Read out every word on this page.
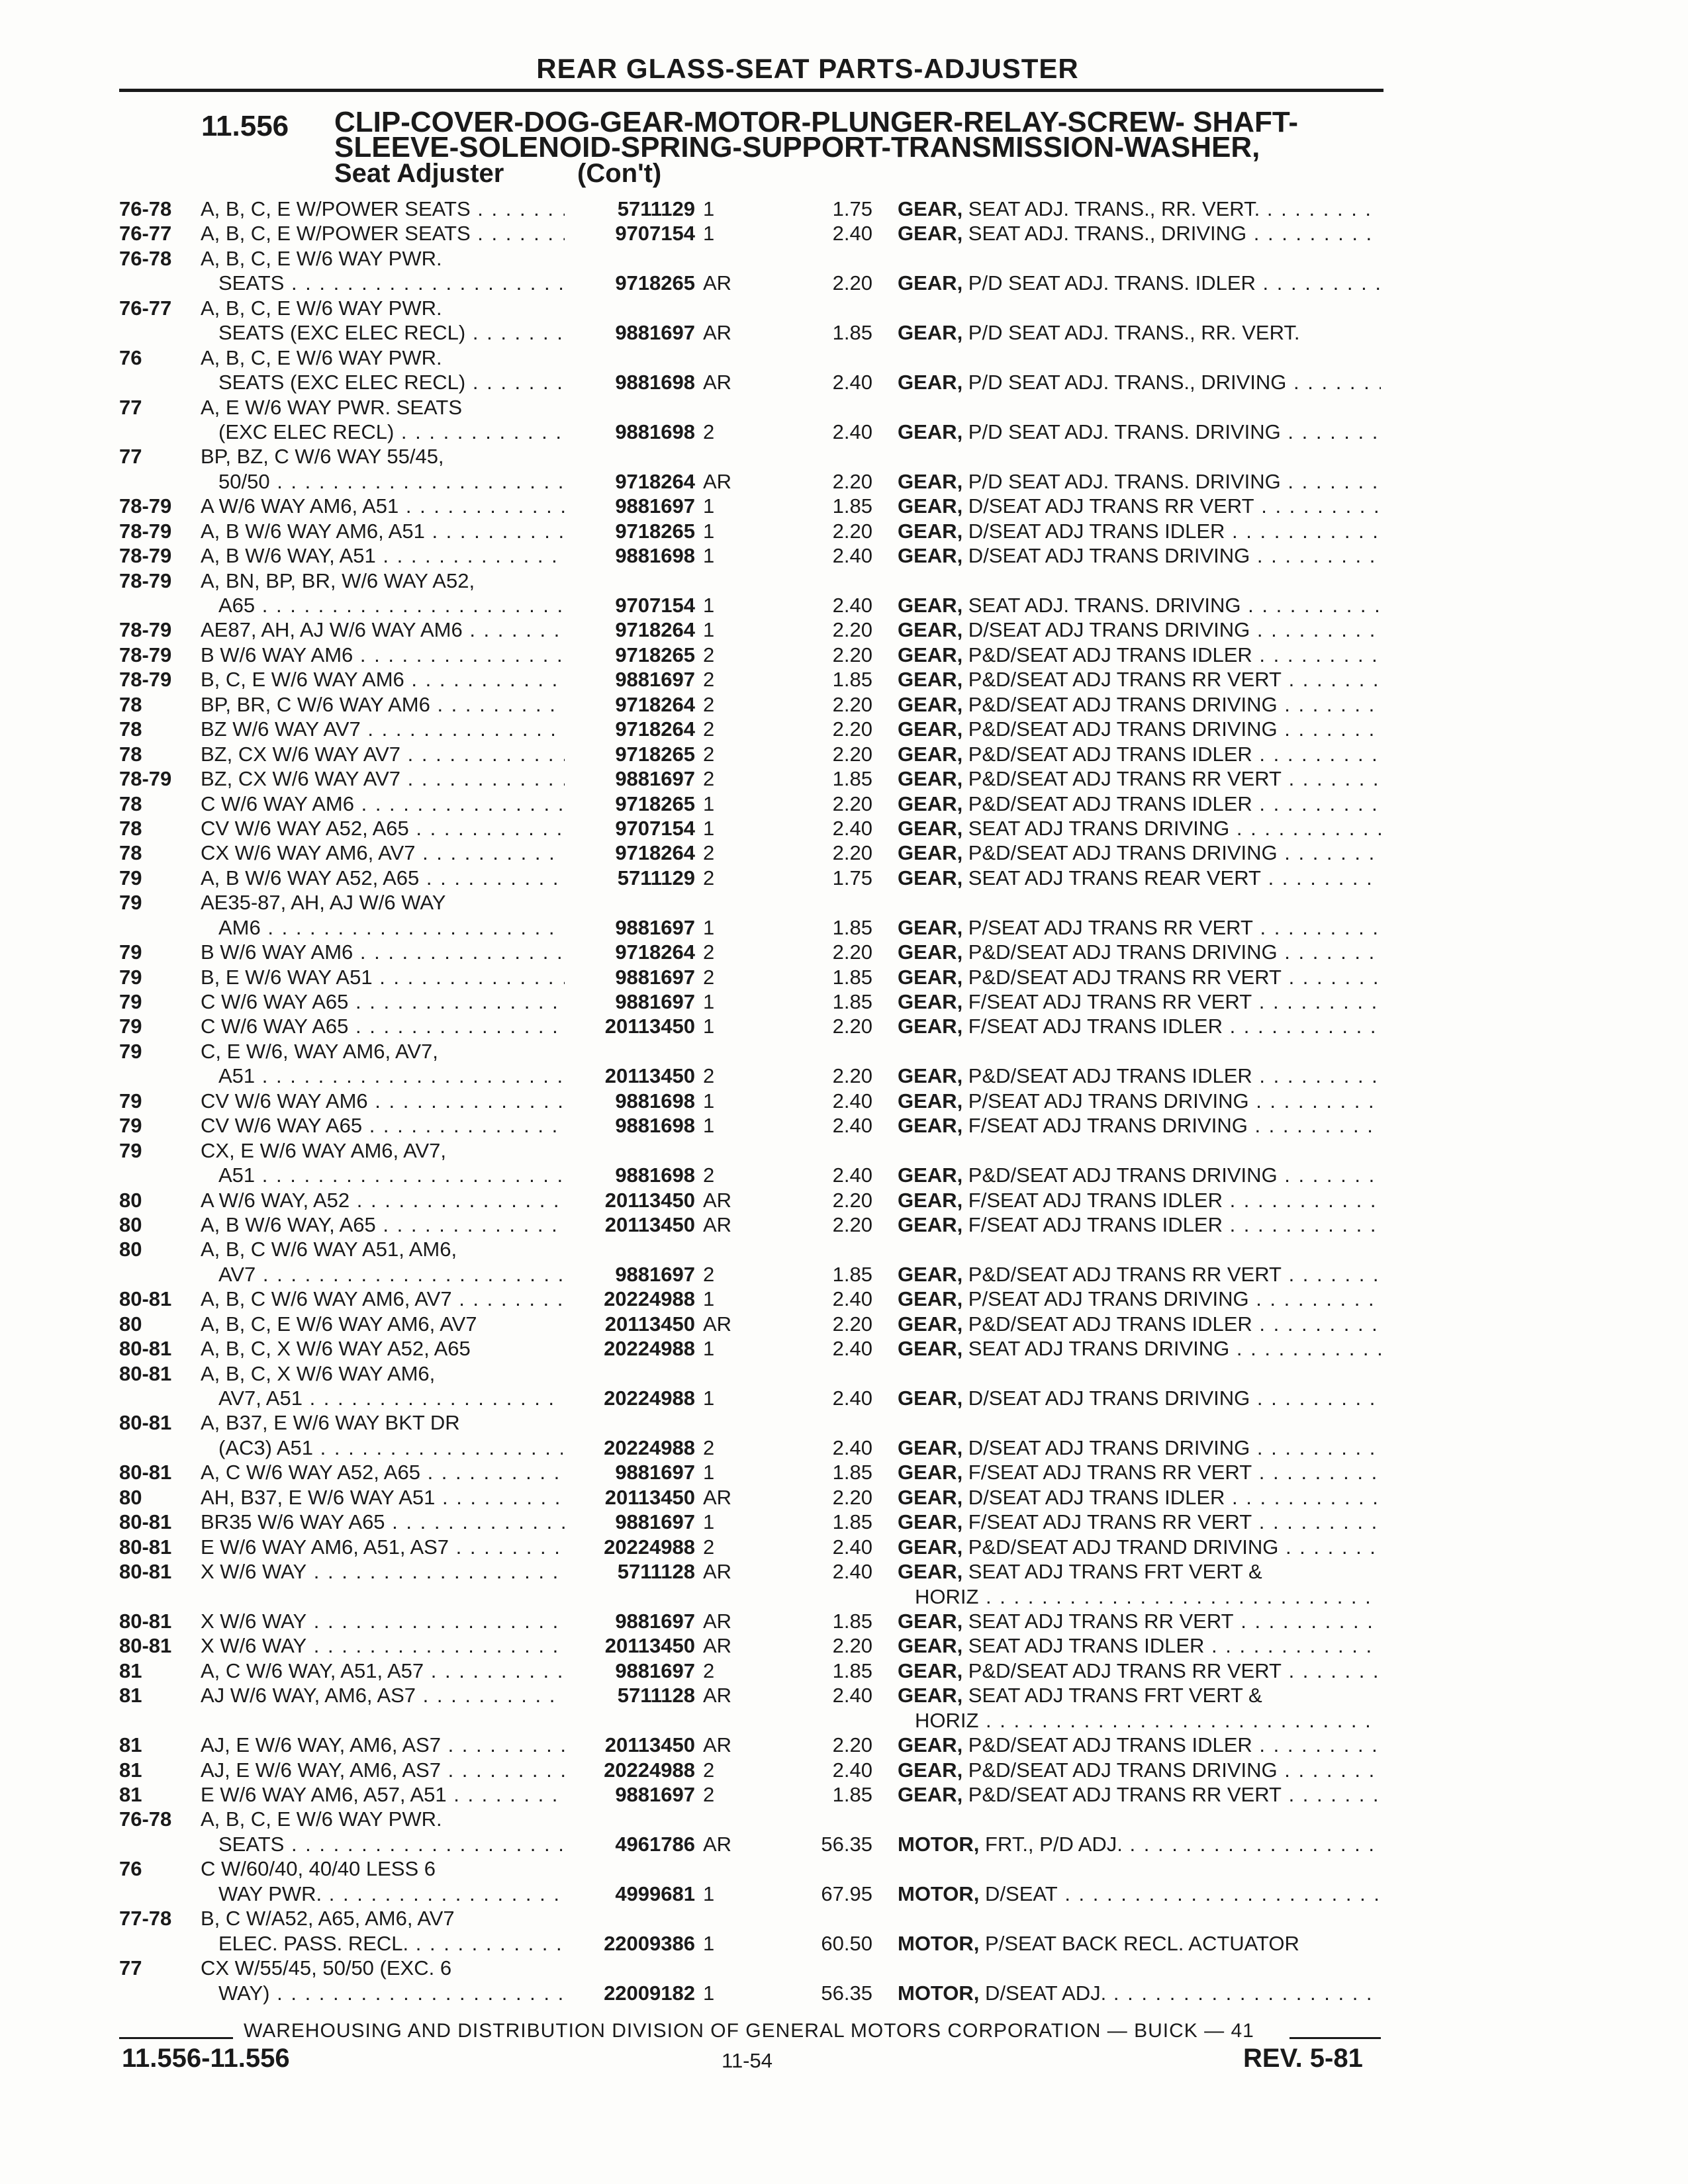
REAR GLASS-SEAT PARTS-ADJUSTER
11.556 CLIP-COVER-DOG-GEAR-MOTOR-PLUNGER-RELAY-SCREW- SHAFT-
SLEEVE-SOLENOID-SPRING-SUPPORT-TRANSMISSION-WASHER,
Seat Adjuster	(Con't)
76-78 A, B, C, E W/POWER SEATS . . .	5711129 1	1.75 GEAR, SEAT ADJ. TRANS., RR. VERT. . . .
76-77 A, B, C, E W/POWER SEATS . . .	9707154 1	2.40 GEAR, SEAT ADJ. TRANS., DRIVING . . .
76-78 A, B, C, E W/6 WAY PWR.
SEATS . . .	9718265 AR	2.20 GEAR, P/D SEAT ADJ. TRANS. IDLER . . .
76-77 A, B, C, E W/6 WAY PWR.
SEATS (EXC ELEC RECL) . . .	9881697 AR	1.85 GEAR, P/D SEAT ADJ. TRANS., RR. VERT.
76	A, B, C, E W/6 WAY PWR.
SEATS (EXC ELEC RECL) . . .	9881698 AR	2.40 GEAR, P/D SEAT ADJ. TRANS., DRIVING . . .
77	A, E W/6 WAY PWR. SEATS
(EXC ELEC RECL) . . .	9881698 2	2.40 GEAR, P/D SEAT ADJ. TRANS. DRIVING . . .
77	BP, BZ, C W/6 WAY 55/45,
50/50 . . .	9718264 AR	2.20 GEAR, P/D SEAT ADJ. TRANS. DRIVING . . .
78-79 A W/6 WAY AM6, A51 . . .	9881697 1	1.85 GEAR, D/SEAT ADJ TRANS RR VERT . . .
78-79 A, B W/6 WAY AM6, A51 . . .	9718265 1	2.20 GEAR, D/SEAT ADJ TRANS IDLER . . .
78-79 A, B W/6 WAY, A51 . . .	9881698 1	2.40 GEAR, D/SEAT ADJ TRANS DRIVING . . .
78-79 A, BN, BP, BR, W/6 WAY A52,
A65 . . .	9707154 1	2.40 GEAR, SEAT ADJ. TRANS. DRIVING . . .
78-79 AE87, AH, AJ W/6 WAY AM6 . . .	9718264 1	2.20 GEAR, D/SEAT ADJ TRANS DRIVING . . .
78-79 B W/6 WAY AM6 . . .	9718265 2	2.20 GEAR, P&D/SEAT ADJ TRANS IDLER . . .
78-79 B, C, E W/6 WAY AM6 . . .	9881697 2	1.85 GEAR, P&D/SEAT ADJ TRANS RR VERT . . .
78	BP, BR, C W/6 WAY AM6 . . .	9718264 2	2.20 GEAR, P&D/SEAT ADJ TRANS DRIVING . . .
78	BZ W/6 WAY AV7 . . .	9718264 2	2.20 GEAR, P&D/SEAT ADJ TRANS DRIVING . . .
78	BZ, CX W/6 WAY AV7 . . .	9718265 2	2.20 GEAR, P&D/SEAT ADJ TRANS IDLER . . .
78-79 BZ, CX W/6 WAY AV7 . . .	9881697 2	1.85 GEAR, P&D/SEAT ADJ TRANS RR VERT . . .
78	C W/6 WAY AM6 . . .	9718265 1	2.20 GEAR, P&D/SEAT ADJ TRANS IDLER . . .
78	CV W/6 WAY A52, A65 . . .	9707154 1	2.40 GEAR, SEAT ADJ TRANS DRIVING . . .
78	CX W/6 WAY AM6, AV7 . . .	9718264 2	2.20 GEAR, P&D/SEAT ADJ TRANS DRIVING . . .
79	A, B W/6 WAY A52, A65 . . .	5711129 2	1.75 GEAR, SEAT ADJ TRANS REAR VERT . . .
79	AE35-87, AH, AJ W/6 WAY
AM6 . . .	9881697 1	1.85 GEAR, P/SEAT ADJ TRANS RR VERT . . .
79	B W/6 WAY AM6 . . .	9718264 2	2.20 GEAR, P&D/SEAT ADJ TRANS DRIVING . . .
79	B, E W/6 WAY A51 . . .	9881697 2	1.85 GEAR, P&D/SEAT ADJ TRANS RR VERT . . .
79	C W/6 WAY A65 . . .	9881697 1	1.85 GEAR, F/SEAT ADJ TRANS RR VERT . . .
79	C W/6 WAY A65 . . .	20113450 1	2.20 GEAR, F/SEAT ADJ TRANS IDLER . . .
79	C, E W/6, WAY AM6, AV7,
A51 . . .	20113450 2	2.20 GEAR, P&D/SEAT ADJ TRANS IDLER . . .
79	CV W/6 WAY AM6 . . .	9881698 1	2.40 GEAR, P/SEAT ADJ TRANS DRIVING . . .
79	CV W/6 WAY A65 . . .	9881698 1	2.40 GEAR, F/SEAT ADJ TRANS DRIVING . . .
79	CX, E W/6 WAY AM6, AV7,
A51 . . .	9881698 2	2.40 GEAR, P&D/SEAT ADJ TRANS DRIVING . . .
80	A W/6 WAY, A52 . . .	20113450 AR	2.20 GEAR, F/SEAT ADJ TRANS IDLER . . .
80	A, B W/6 WAY, A65 . . .	20113450 AR	2.20 GEAR, F/SEAT ADJ TRANS IDLER . . .
80	A, B, C W/6 WAY A51, AM6,
AV7 . . .	9881697 2	1.85 GEAR, P&D/SEAT ADJ TRANS RR VERT . . .
80-81 A, B, C W/6 WAY AM6, AV7 . . .	20224988 1	2.40 GEAR, P/SEAT ADJ TRANS DRIVING . . .
80	A, B, C, E W/6 WAY AM6, AV7	20113450 AR	2.20 GEAR, P&D/SEAT ADJ TRANS IDLER . . .
80-81 A, B, C, X W/6 WAY A52, A65	20224988 1	2.40 GEAR, SEAT ADJ TRANS DRIVING . . .
80-81 A, B, C, X W/6 WAY AM6,
AV7, A51 . . .	20224988 1	2.40 GEAR, D/SEAT ADJ TRANS DRIVING . . .
80-81 A, B37, E W/6 WAY BKT DR
(AC3) A51 . . .	20224988 2	2.40 GEAR, D/SEAT ADJ TRANS DRIVING . . .
80-81 A, C W/6 WAY A52, A65 . . .	9881697 1	1.85 GEAR, F/SEAT ADJ TRANS RR VERT . . .
80	AH, B37, E W/6 WAY A51 . . .	20113450 AR	2.20 GEAR, D/SEAT ADJ TRANS IDLER . . .
80-81 BR35 W/6 WAY A65 . . .	9881697 1	1.85 GEAR, F/SEAT ADJ TRANS RR VERT . . .
80-81 E W/6 WAY AM6, A51, AS7 . . .	20224988 2	2.40 GEAR, P&D/SEAT ADJ TRAND DRIVING . . .
80-81 X W/6 WAY . . .	5711128 AR	2.40 GEAR, SEAT ADJ TRANS FRT VERT &
HORIZ . . .
80-81 X W/6 WAY . . .	9881697 AR	1.85 GEAR, SEAT ADJ TRANS RR VERT . . .
80-81 X W/6 WAY . . .	20113450 AR	2.20 GEAR, SEAT ADJ TRANS IDLER . . .
81	A, C W/6 WAY, A51, A57 . . .	9881697 2	1.85 GEAR, P&D/SEAT ADJ TRANS RR VERT . . .
81	AJ W/6 WAY, AM6, AS7 . . .	5711128 AR	2.40 GEAR, SEAT ADJ TRANS FRT VERT &
HORIZ . . .
81	AJ, E W/6 WAY, AM6, AS7 . . .	20113450 AR	2.20 GEAR, P&D/SEAT ADJ TRANS IDLER . . .
81	AJ, E W/6 WAY, AM6, AS7 . . .	20224988 2	2.40 GEAR, P&D/SEAT ADJ TRANS DRIVING . . .
81	E W/6 WAY AM6, A57, A51 . . .	9881697 2	1.85 GEAR, P&D/SEAT ADJ TRANS RR VERT . . .
76-78 A, B, C, E W/6 WAY PWR.
SEATS . . .	4961786 AR	56.35 MOTOR, FRT., P/D ADJ. . . .
76	C W/60/40, 40/40 LESS 6
WAY PWR. . . .	4999681 1	67.95 MOTOR, D/SEAT . . .
77-78 B, C W/A52, A65, AM6, AV7
ELEC. PASS. RECL. . . .	22009386 1	60.50 MOTOR, P/SEAT BACK RECL. ACTUATOR
77	CX W/55/45, 50/50 (EXC. 6
WAY) . . .	22009182 1	56.35 MOTOR, D/SEAT ADJ. . . .
WAREHOUSING AND DISTRIBUTION DIVISION OF GENERAL MOTORS CORPORATION — BUICK — 41
11.556-11.556	11-54	REV. 5-81
